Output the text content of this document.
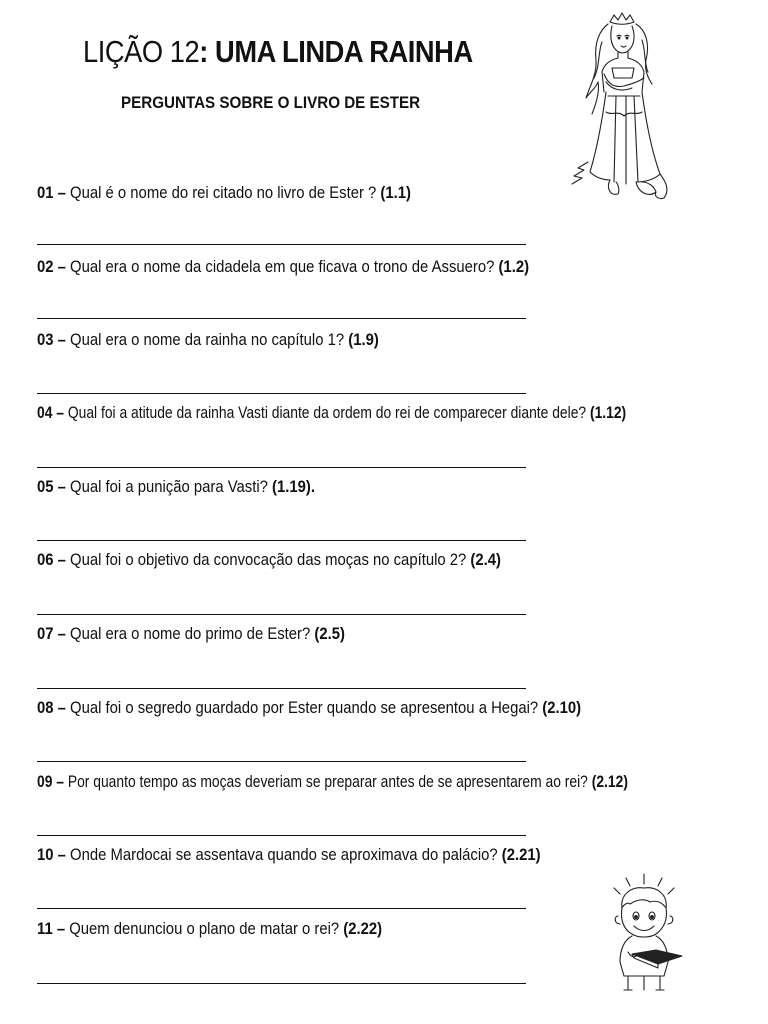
LIÇÃO 12: UMA LINDA RAINHA
PERGUNTAS SOBRE O LIVRO DE ESTER
01 – Qual é o nome do rei citado no livro de Ester ? (1.1)
02 – Qual era o nome da cidadela em que ficava o trono de Assuero? (1.2)
03 – Qual era o nome da rainha no capítulo 1? (1.9)
04 – Qual foi a atitude da rainha Vasti diante da ordem do rei de comparecer diante dele? (1.12)
05 – Qual foi a punição para Vasti? (1.19).
06 – Qual foi o objetivo da convocação das moças no capítulo 2? (2.4)
07 – Qual era o nome do primo de Ester? (2.5)
08 – Qual foi o segredo guardado por Ester quando se apresentou a Hegai? (2.10)
09 – Por quanto tempo as moças deveriam se preparar antes de se apresentarem ao rei? (2.12)
10 – Onde Mardocai se assentava quando se aproximava do palácio? (2.21)
11 – Quem denunciou o plano de matar o rei? (2.22)
